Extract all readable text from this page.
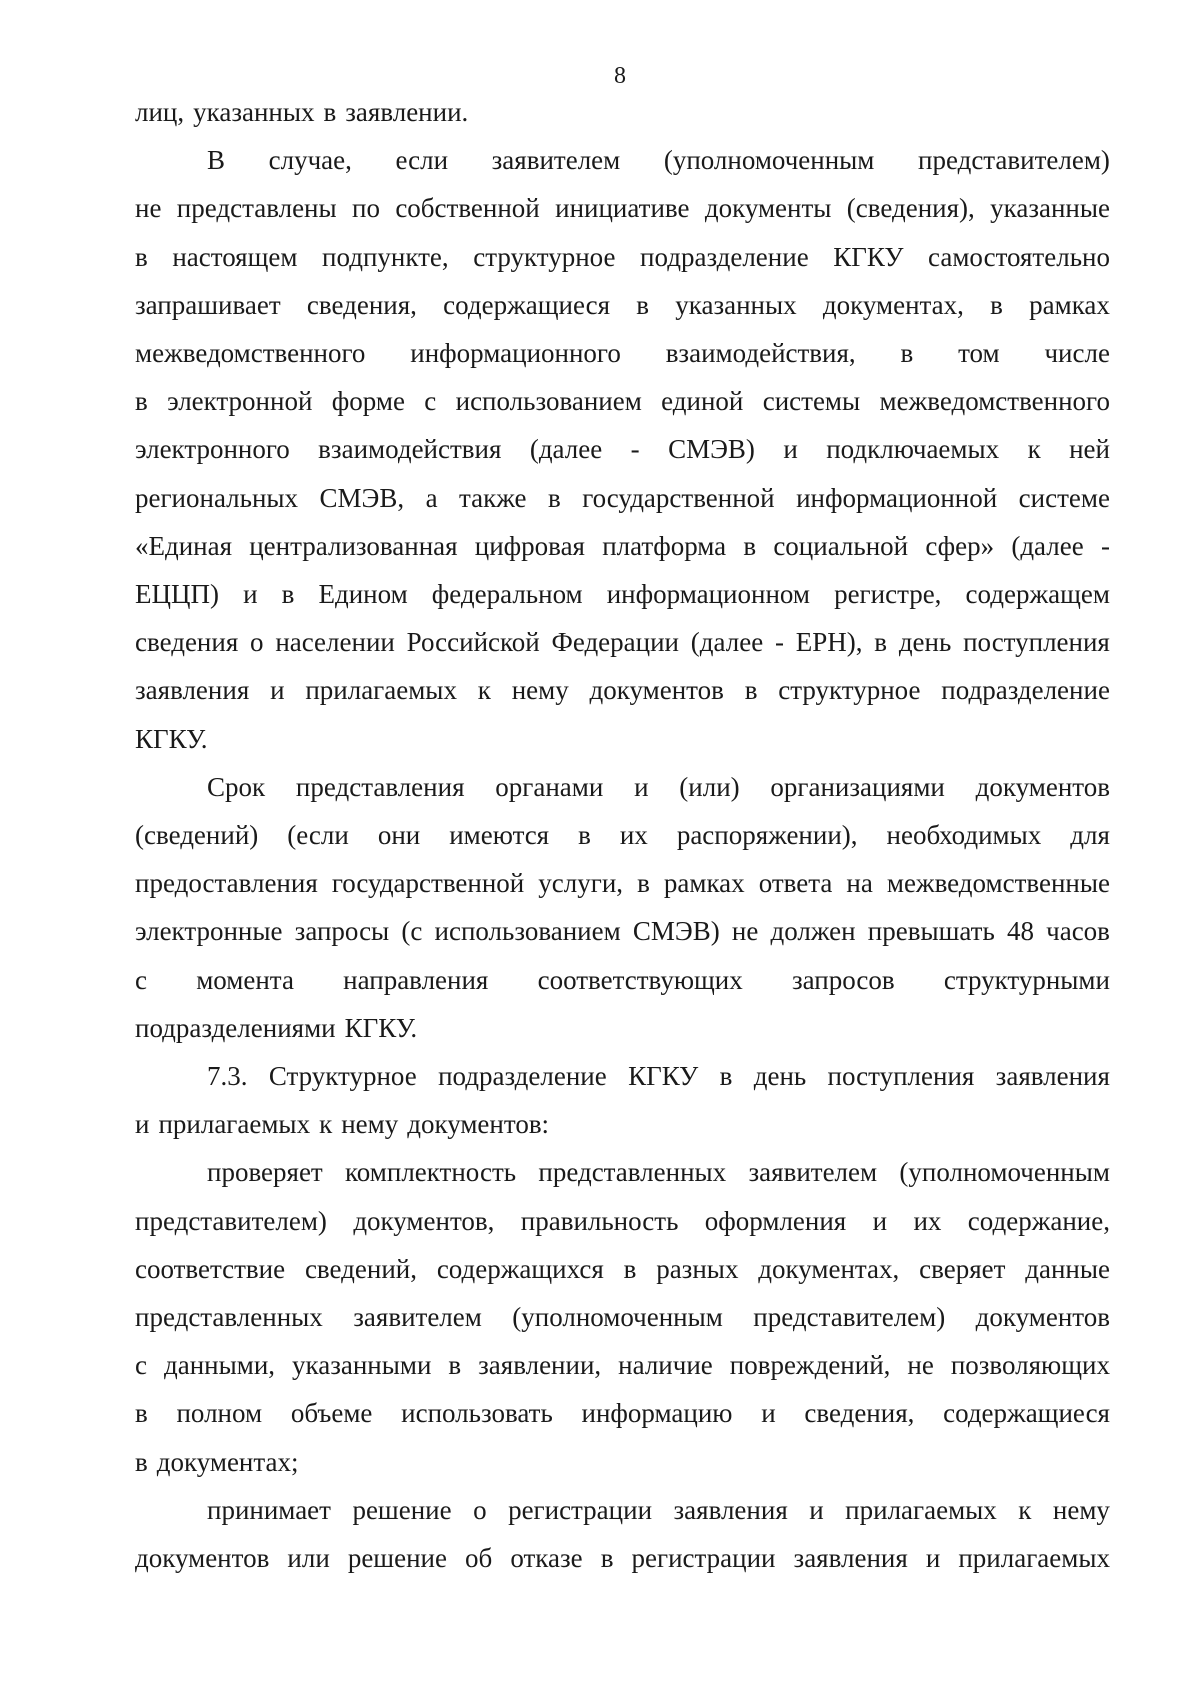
8
лиц, указанных в заявлении.
В случае, если заявителем (уполномоченным представителем)
не представлены по собственной инициативе документы (сведения), указанные
в настоящем подпункте, структурное подразделение КГКУ самостоятельно
запрашивает сведения, содержащиеся в указанных документах, в рамках
межведомственного информационного взаимодействия, в том числе
в электронной форме с использованием единой системы межведомственного
электронного взаимодействия (далее - СМЭВ) и подключаемых к ней
региональных СМЭВ, а также в государственной информационной системе
«Единая централизованная цифровая платформа в социальной сфер» (далее -
ЕЦЦП) и в Едином федеральном информационном регистре, содержащем
сведения о населении Российской Федерации (далее - ЕРН), в день поступления
заявления и прилагаемых к нему документов в структурное подразделение
КГКУ.
Срок представления органами и (или) организациями документов
(сведений) (если они имеются в их распоряжении), необходимых для
предоставления государственной услуги, в рамках ответа на межведомственные
электронные запросы (с использованием СМЭВ) не должен превышать 48 часов
с момента направления соответствующих запросов структурными
подразделениями КГКУ.
7.3. Структурное подразделение КГКУ в день поступления заявления
и прилагаемых к нему документов:
проверяет комплектность представленных заявителем (уполномоченным
представителем) документов, правильность оформления и их содержание,
соответствие сведений, содержащихся в разных документах, сверяет данные
представленных заявителем (уполномоченным представителем) документов
с данными, указанными в заявлении, наличие повреждений, не позволяющих
в полном объеме использовать информацию и сведения, содержащиеся
в документах;
принимает решение о регистрации заявления и прилагаемых к нему
документов или решение об отказе в регистрации заявления и прилагаемых
